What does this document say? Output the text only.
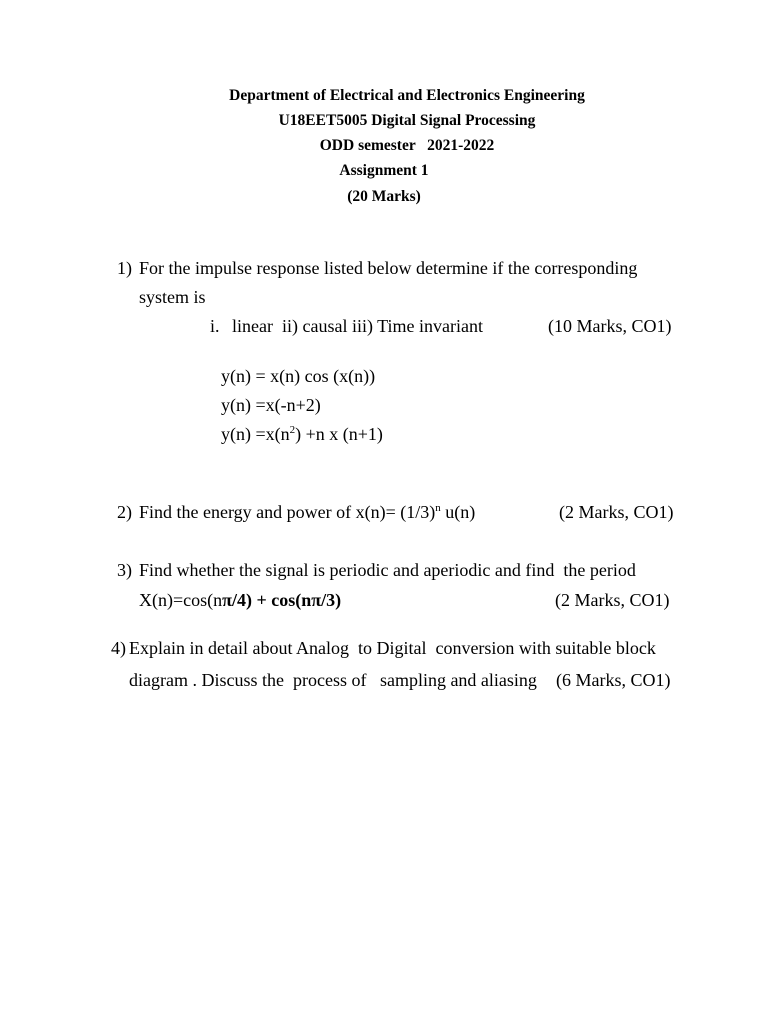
Department of Electrical and Electronics Engineering
U18EET5005 Digital Signal Processing
ODD semester   2021-2022
Assignment 1
(20 Marks)
1) For the impulse response listed below determine if the corresponding
system is
i. linear  ii) causal iii) Time invariant	(10 Marks, CO1)
y(n) = x(n) cos (x(n))
y(n) =x(-n+2)
$y(n) =x(n^2) +n$ x (n+1)
2) Find the energy and power of $x(n)= (1/3)^n$ u(n)	(2 Marks, CO1)
3) Find whether the signal is periodic and aperiodic and find  the period
X(n)=cos(nπ/4) + cos(nπ/3)	(2 Marks, CO1)
4) Explain in detail about Analog  to Digital  conversion with suitable block
diagram . Discuss the  process of   sampling and aliasing (6 Marks, CO1)
